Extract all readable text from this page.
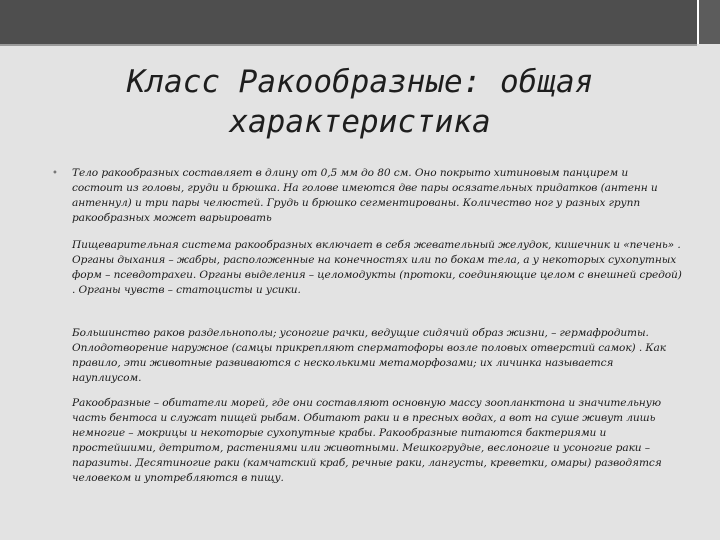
Класс Ракообразные: общая характеристика
• Тело ракообразных составляет в длину от 0,5 мм до 80 см. Оно покрыто хитиновым панцирем и состоит из головы, груди и брюшка. На голове имеются две пары осязательных придатков (антенн и антеннул) и три пары челюстей. Грудь и брюшко сегментированы. Количество ног у разных групп ракообразных может варьировать

Пищеварительная система ракообразных включает в себя жевательный желудок, кишечник и «печень» . Органы дыхания – жабры, расположенные на конечностях или по бокам тела, а у некоторых сухопутных форм – псевдотрахеи. Органы выделения – целомодукты (протоки, соединяющие целом с внешней средой) . Органы чувств – статоцисты и усики.

Большинство раков раздельнополы; усоногие рачки, ведущие сидячий образ жизни, – гермафродиты. Оплодотворение наружное (самцы прикрепляют сперматофоры возле половых отверстий самок) . Как правило, эти животные развиваются с несколькими метаморфозами; их личинка называется науплиусом.

Ракообразные – обитатели морей, где они составляют основную массу зоопланктона и значительную часть бентоса и служат пищей рыбам. Обитают раки и в пресных водах, а вот на суше живут лишь немногие – мокрицы и некоторые сухопутные крабы. Ракообразные питаются бактериями и простейшими, детритом, растениями или животными. Мешкогрудые, веслоногие и усоногие раки – паразиты. Десятиногие раки (камчатский краб, речные раки, лангусты, креветки, омары) разводятся человеком и употребляются в пищу.
